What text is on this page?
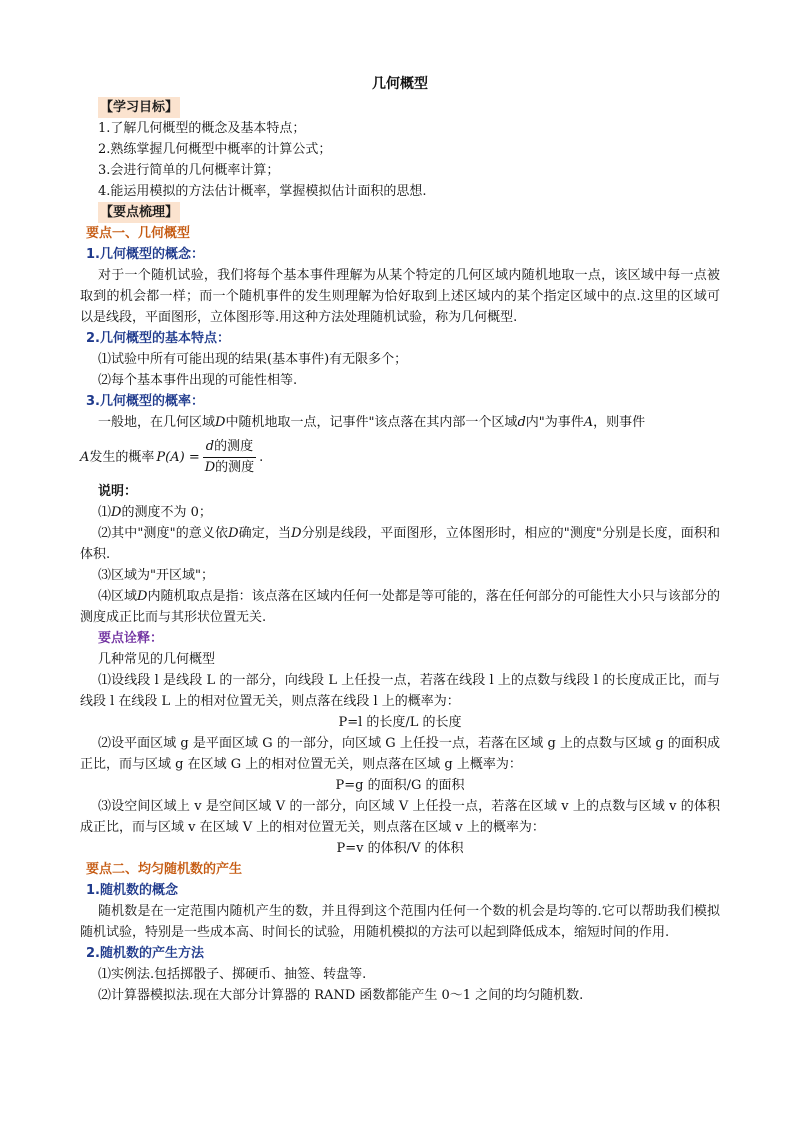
几何概型
【学习目标】
1.了解几何概型的概念及基本特点；
2.熟练掌握几何概型中概率的计算公式；
3.会进行简单的几何概率计算；
4.能运用模拟的方法估计概率，掌握模拟估计面积的思想.
【要点梳理】
要点一、几何概型
1.几何概型的概念：
对于一个随机试验，我们将每个基本事件理解为从某个特定的几何区域内随机地取一点，该区域中每一点被取到的机会都一样；而一个随机事件的发生则理解为恰好取到上述区域内的某个指定区域中的点.这里的区域可以是线段，平面图形，立体图形等.用这种方法处理随机试验，称为几何概型.
2.几何概型的基本特点：
⑴试验中所有可能出现的结果(基本事件)有无限多个；
⑵每个基本事件出现的可能性相等.
3.几何概型的概率：
一般地，在几何区域D中随机地取一点，记事件"该点落在其内部一个区域d内"为事件A，则事件
A 发生的概率 $P(A) = \frac{\text{d的测度}}{\text{D的测度}}$ .
说明：
⑴D的测度不为 0；
⑵其中"测度"的意义依D确定，当D分别是线段，平面图形，立体图形时，相应的"测度"分别是长度，面积和体积.
⑶区域为"开区域"；
⑷区域D内随机取点是指：该点落在区域内任何一处都是等可能的，落在任何部分的可能性大小只与该部分的测度成正比而与其形状位置无关.
要点诠释：
几种常见的几何概型
⑴设线段 l 是线段 L 的一部分，向线段 L 上任投一点，若落在线段 l 上的点数与线段 l 的长度成正比，而与线段 l 在线段 L 上的相对位置无关，则点落在线段 l 上的概率为：
P=l 的长度/L 的长度
⑵设平面区域 g 是平面区域 G 的一部分，向区域 G 上任投一点，若落在区域 g 上的点数与区域 g 的面积成正比，而与区域 g 在区域 G 上的相对位置无关，则点落在区域 g 上概率为：
P=g 的面积/G 的面积
⑶设空间区域上 v 是空间区域 V 的一部分，向区域 V 上任投一点，若落在区域 v 上的点数与区域 v 的体积成正比，而与区域 v 在区域 V 上的相对位置无关，则点落在区域 v 上的概率为：
P=v 的体积/V 的体积
要点二、均匀随机数的产生
1.随机数的概念
随机数是在一定范围内随机产生的数，并且得到这个范围内任何一个数的机会是均等的.它可以帮助我们模拟随机试验，特别是一些成本高、时间长的试验，用随机模拟的方法可以起到降低成本，缩短时间的作用.
2.随机数的产生方法
⑴实例法.包括掷骰子、掷硬币、抽签、转盘等.
⑵计算器模拟法.现在大部分计算器的 RAND 函数都能产生 0～1 之间的均匀随机数.
